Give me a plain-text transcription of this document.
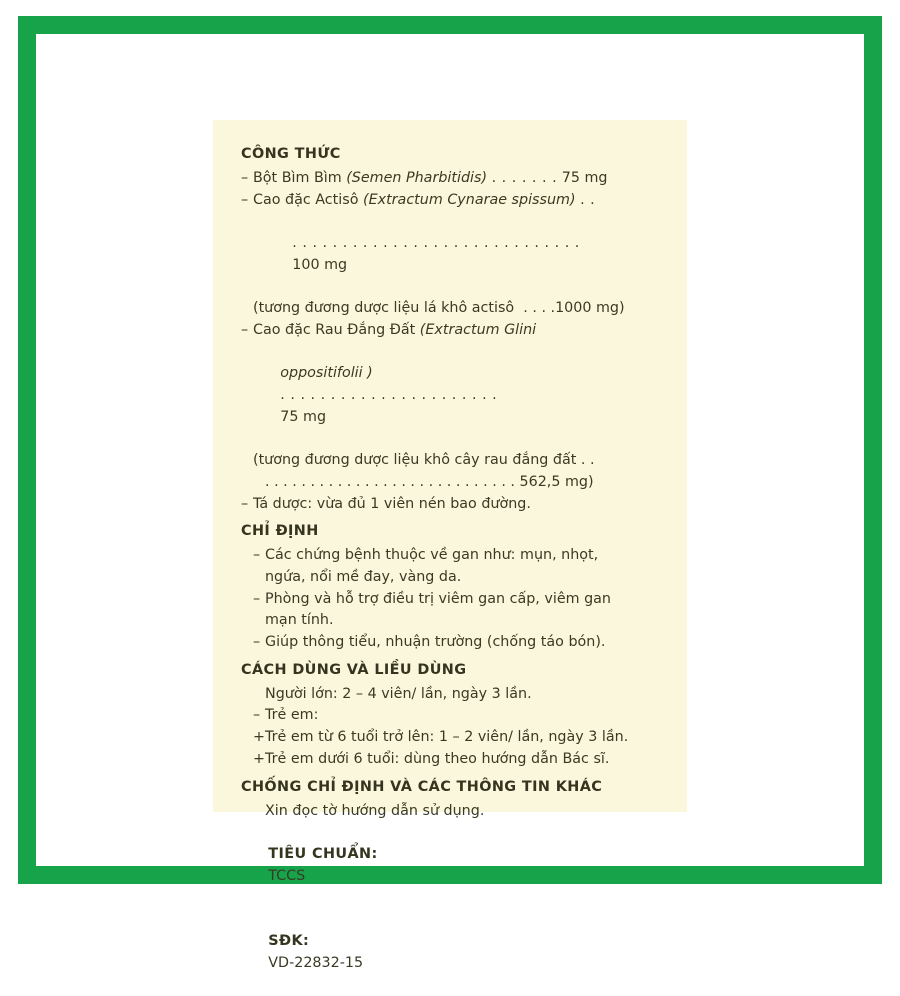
CÔNG THỨC
– Bột Bìm Bìm (Semen Pharbitidis) . . . . . . . 75 mg
– Cao đặc Actisô (Extractum Cynarae spissum) . .

. . . . . . . . . . . . . . . . . . . . . . . . . . . . .
100 mg

(tương đương dược liệu lá khô actisô  . . . .1000 mg)
– Cao đặc Rau Đắng Đất (Extractum Glini

oppositifolii )
. . . . . . . . . . . . . . . . . . . . . .
75 mg

(tương đương dược liệu khô cây rau đắng đất . .
. . . . . . . . . . . . . . . . . . . . . . . . . . . . 562,5 mg)
– Tá dược: vừa đủ 1 viên nén bao đường.
CHỈ ĐỊNH
– Các chứng bệnh thuộc về gan như: mụn, nhọt,
ngứa, nổi mề đay, vàng da.
– Phòng và hỗ trợ điều trị viêm gan cấp, viêm gan
mạn tính.
– Giúp thông tiểu, nhuận trường (chống táo bón).
CÁCH DÙNG VÀ LIỀU DÙNG
Người lớn: 2 – 4 viên/ lần, ngày 3 lần.
– Trẻ em:
+ Trẻ em từ 6 tuổi trở lên: 1 – 2 viên/ lần, ngày 3 lần.
+ Trẻ em dưới 6 tuổi: dùng theo hướng dẫn Bác sĩ.
CHỐNG CHỈ ĐỊNH VÀ CÁC THÔNG TIN KHÁC
Xin đọc tờ hướng dẫn sử dụng.

TIÊU CHUẨN:
TCCS

SĐK:
VD-22832-15
